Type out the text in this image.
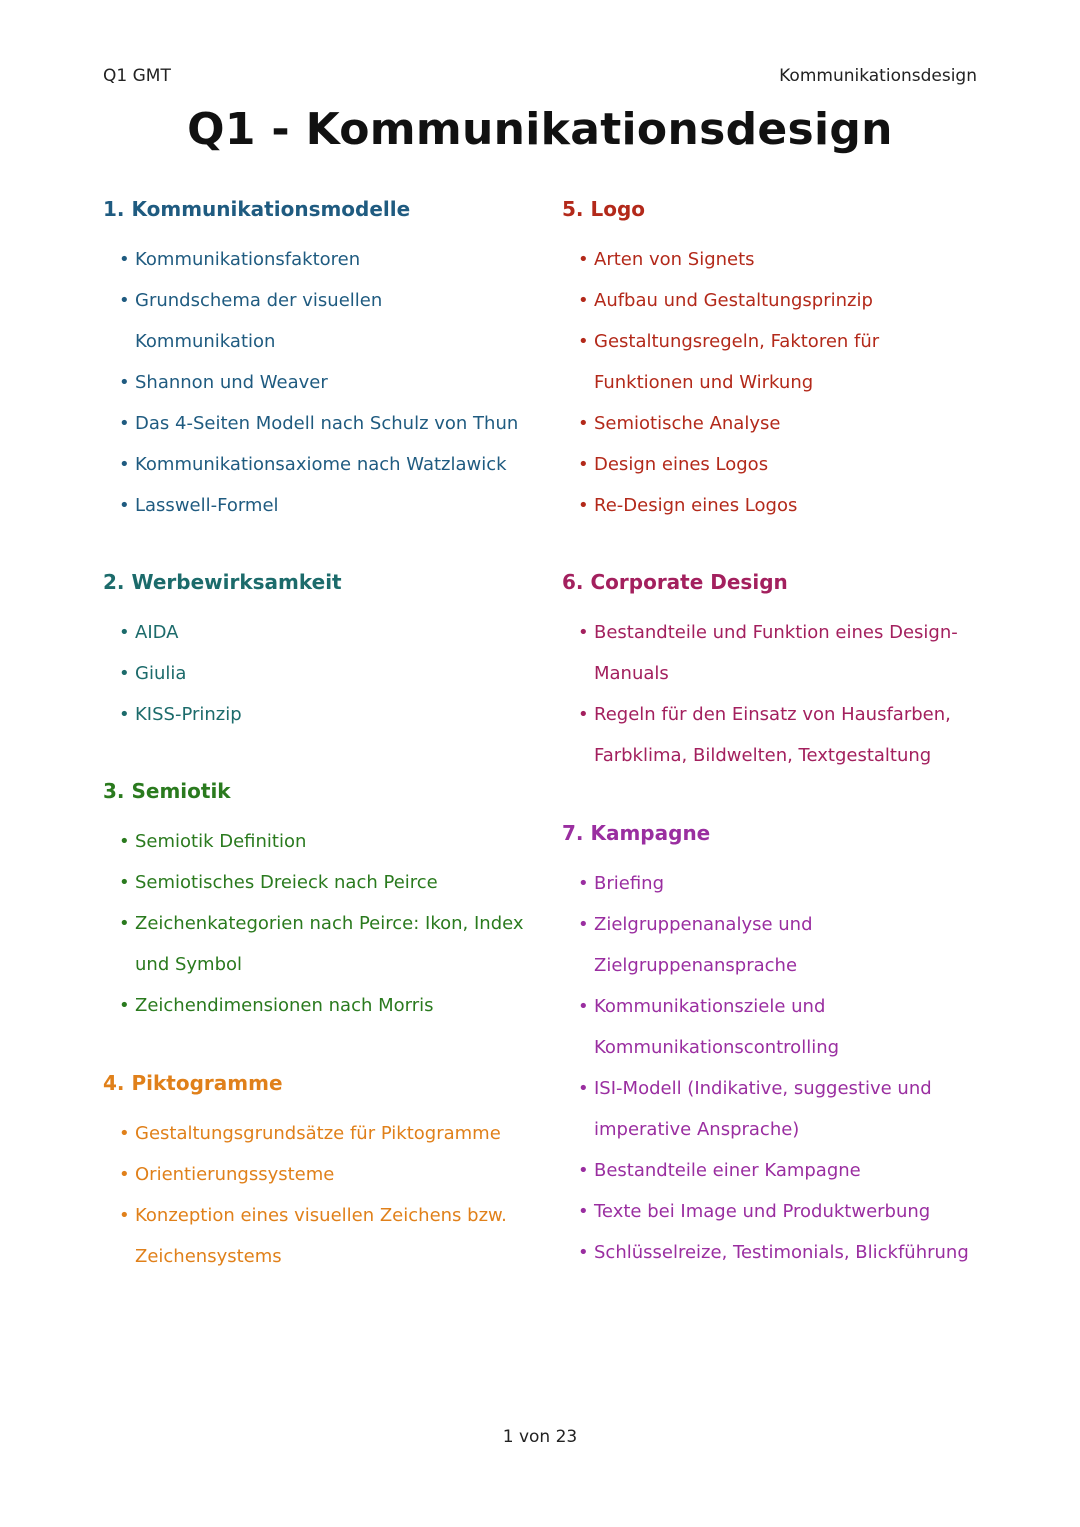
Q1 GMT	Kommunikationsdesign
Q1 - Kommunikationsdesign
1. Kommunikationsmodelle
• Kommunikationsfaktoren
• Grundschema der visuellen
Kommunikation
• Shannon und Weaver
• Das 4-Seiten Modell nach Schulz von Thun
• Kommunikationsaxiome nach Watzlawick
• Lasswell-Formel
2. Werbewirksamkeit
• AIDA
• Giulia
• KISS-Prinzip
3. Semiotik
• Semiotik Definition
• Semiotisches Dreieck nach Peirce
• Zeichenkategorien nach Peirce: Ikon, Index
und Symbol
• Zeichendimensionen nach Morris
4. Piktogramme
• Gestaltungsgrundsätze für Piktogramme
• Orientierungssysteme
• Konzeption eines visuellen Zeichens bzw.
Zeichensystems
5. Logo
• Arten von Signets
• Aufbau und Gestaltungsprinzip
• Gestaltungsregeln, Faktoren für
Funktionen und Wirkung
• Semiotische Analyse
• Design eines Logos
• Re-Design eines Logos
6. Corporate Design
• Bestandteile und Funktion eines Design-
Manuals
• Regeln für den Einsatz von Hausfarben,
Farbklima, Bildwelten, Textgestaltung
7. Kampagne
• Briefing
• Zielgruppenanalyse und
Zielgruppenansprache
• Kommunikationsziele und
Kommunikationscontrolling
• ISI-Modell (Indikative, suggestive und
imperative Ansprache)
• Bestandteile einer Kampagne
• Texte bei Image und Produktwerbung
• Schlüsselreize, Testimonials, Blickführung
1 von 23
